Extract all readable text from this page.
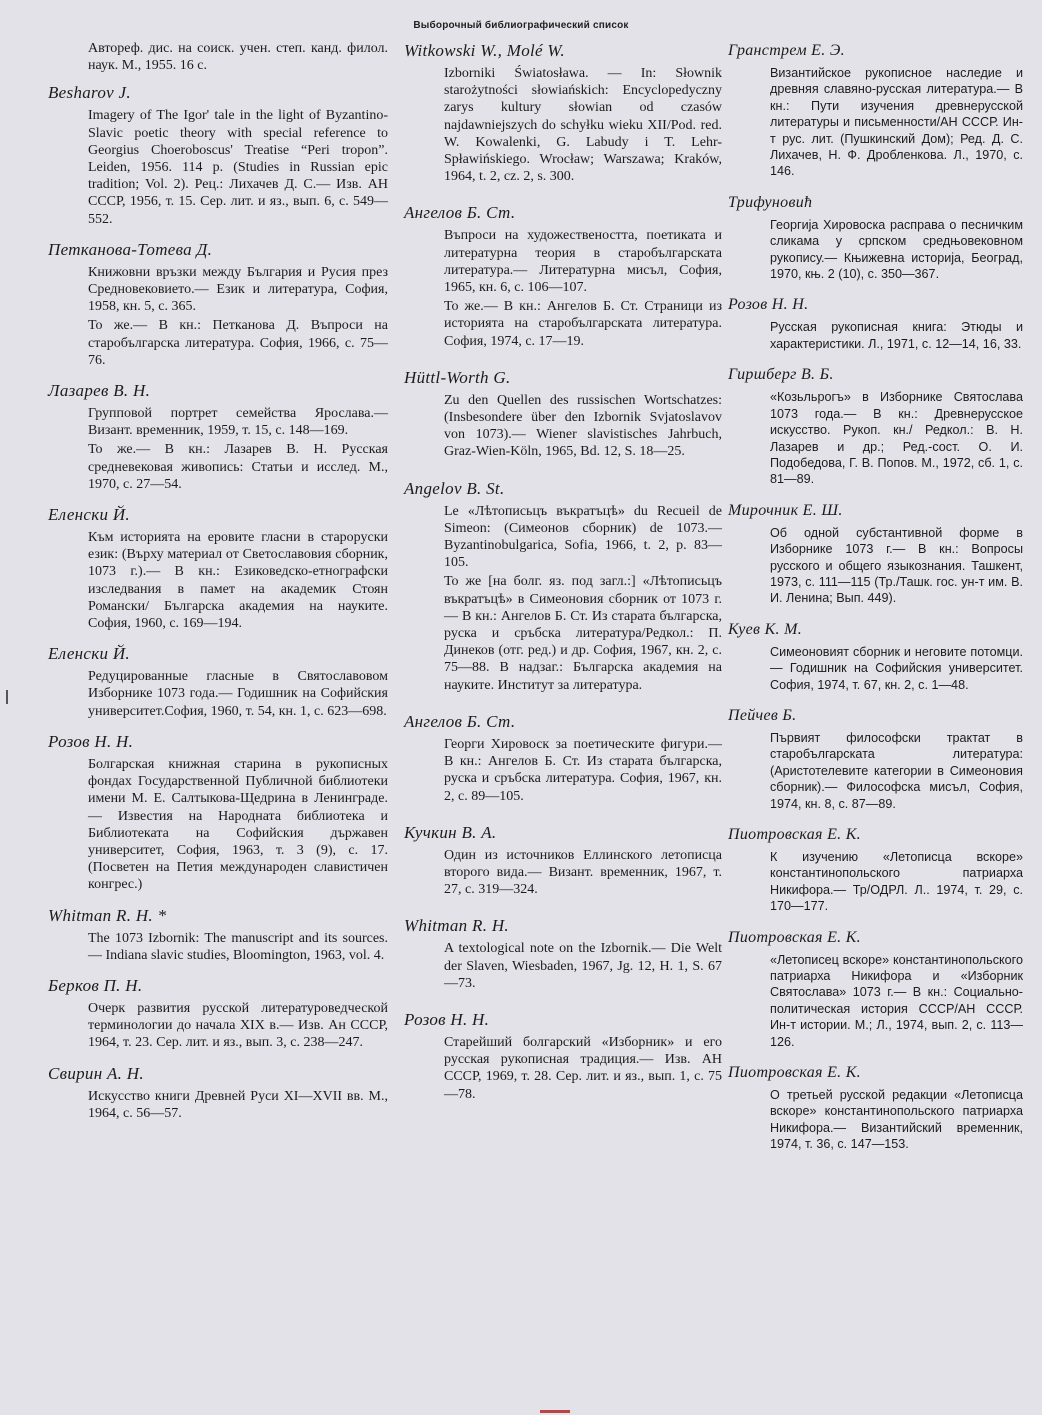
Выборочный библиографический список

Автореф. дис. на соиск. учен. степ. канд. филол. наук. М., 1955. 16 с.

Besharov J.

Imagery of The Igor' tale in the light of Byzantino-Slavic poetic theory with special reference to Georgius Choeroboscus' Treatise “Peri tropon”. Leiden, 1956. 114 p. (Studies in Russian epic tradition; Vol. 2). Рец.: Лихачев Д. С.— Изв. АН СССР, 1956, т. 15. Сер. лит. и яз., вып. 6, с. 549—552.

Петканова-Тотева Д.

Книжовни връзки между България и Русия през Средновековието.— Език и литература, София, 1958, кн. 5, с. 365.

То же.— В кн.: Петканова Д. Въпроси на старобългарска литература. София, 1966, с. 75—76.

Лазарев В. Н.

Групповой портрет семейства Ярослава.— Визант. временник, 1959, т. 15, с. 148—169.

То же.— В кн.: Лазарев В. Н. Русская средневековая живопись: Статьи и исслед. М., 1970, с. 27—54.

Еленски Й.

Към историята на еровите гласни в староруски език: (Върху материал от Светославовия сборник, 1073 г.).— В кн.: Езиковедско-етнографски изследвания в памет на академик Стоян Романски/ Българска академия на науките. София, 1960, с. 169—194.

Еленски Й.

Редуцированные гласные в Святославовом Изборнике 1073 года.— Годишник на Софийския университет.София, 1960, т. 54, кн. 1, с. 623—698.

Розов Н. Н.

Болгарская книжная старина в рукописных фондах Государственной Публичной библиотеки имени М. Е. Салтыкова-Щедрина в Ленинграде.— Известия на Народната библиотека и Библиотеката на Софийския държавен университет, София, 1963, т. 3 (9), с. 17. (Посветен на Петия международен славистичен конгрес.)

Whitman R. H. *

The 1073 Izbornik: The manuscript and its sources.— Indiana slavic studies, Bloomington, 1963, vol. 4.

Берков П. Н.

Очерк развития русской литературоведческой терминологии до начала XIX в.— Изв. Ан СССР, 1964, т. 23. Сер. лит. и яз., вып. 3, с. 238—247.

Свирин А. Н.

Искусство книги Древней Руси XI—XVII вв. М., 1964, с. 56—57.

Witkowski W., Molé W.

Izborniki Światosława. — In: Słownik starożytności słowiańskich: Encyclopedyczny zarys kultury słowian od czasów najdawniejszych do schyłku wieku XII/Pod. red. W. Kowalenki, G. Labudy i T. Lehr-Spławińskiego. Wrocław; Warszawa; Kraków, 1964, t. 2, cz. 2, s. 300.

Ангелов Б. Ст.

Въпроси на художествеността, поетиката и литературна теория в старобългарската литература.— Литературна мисъл, София, 1965, кн. 6, с. 106—107.

То же.— В кн.: Ангелов Б. Ст. Страници из историята на старобългарската литература. София, 1974, с. 17—19.

Hüttl-Worth G.

Zu den Quellen des russischen Wortschatzes: (Insbesondere über den Izbornik Svjatoslavov von 1073).— Wiener slavistisches Jahrbuch, Graz-Wien-Köln, 1965, Bd. 12, S. 18—25.

Angelov B. St.

Le «Лѣтописьцъ въкратъцѣ» du Recueil de Simeon: (Симеонов сборник) de 1073.— Byzantinobulgarica, Sofia, 1966, t. 2, p. 83—105.

То же [на болг. яз. под загл.:] «Лѣтописьцъ въкратъцѣ» в Симеоновия сборник от 1073 г.— В кн.: Ангелов Б. Ст. Из старата българска, руска и сръбска литература/Редкол.: П. Динеков (отг. ред.) и др. София, 1967, кн. 2, с. 75—88. В надзаг.: Българска академия на науките. Институт за литература.

Ангелов Б. Ст.

Георги Хировоск за поетическите фигури.— В кн.: Ангелов Б. Ст. Из старата българска, руска и сръбска литература. София, 1967, кн. 2, с. 89—105.

Кучкин В. А.

Один из источников Еллинского летописца второго вида.— Визант. временник, 1967, т. 27, с. 319—324.

Whitman R. H.

A textological note on the Izbornik.— Die Welt der Slaven, Wiesbaden, 1967, Jg. 12, H. 1, S. 67—73.

Розов Н. Н.

Старейший болгарский «Изборник» и его русская рукописная традиция.— Изв. АН СССР, 1969, т. 28. Сер. лит. и яз., вып. 1, с. 75—78.

Гранстрем Е. Э.

Византийское рукописное наследие и древняя славяно-русская литература.— В кн.: Пути изучения древнерусской литературы и письменности/АН СССР. Ин-т рус. лит. (Пушкинский Дом); Ред. Д. С. Лихачев, Н. Ф. Дробленкова. Л., 1970, с. 146.

Трифуновић

Георгија Хировоска расправа о песничким сликама у српском средњовековном рукопису.— Књижевна историја, Београд, 1970, књ. 2 (10), с. 350—367.

Розов Н. Н.

Русская рукописная книга: Этюды и характеристики. Л., 1971, с. 12—14, 16, 33.

Гиршберг В. Б.

«Козьльрогъ» в Изборнике Святослава 1073 года.— В кн.: Древнерусское искусство. Рукоп. кн./ Редкол.: В. Н. Лазарев и др.; Ред.-сост. О. И. Подобедова, Г. В. Попов. М., 1972, сб. 1, с. 81—89.

Мирочник Е. Ш.

Об одной субстантивной форме в Изборнике 1073 г.— В кн.: Вопросы русского и общего языкознания. Ташкент, 1973, с. 111—115 (Тр./Ташк. гос. ун-т им. В. И. Ленина; Вып. 449).

Куев К. М.

Симеоновият сборник и неговите потомци.— Годишник на Софийския университет. София, 1974, т. 67, кн. 2, с. 1—48.

Пейчев Б.

Първият философски трактат в старобългарската литература: (Аристотелевите категории в Симеоновия сборник).— Философска мисъл, София, 1974, кн. 8, с. 87—89.

Пиотровская Е. К.

К изучению «Летописца вскоре» константинопольского патриарха Никифора.— Тр/ОДРЛ. Л.. 1974, т. 29, с. 170—177.

Пиотровская Е. К.

«Летописец вскоре» константинопольского патриарха Никифора и «Изборник Святослава» 1073 г.— В кн.: Социально-политическая история СССР/АН СССР. Ин-т истории. М.; Л., 1974, вып. 2, с. 113—126.

Пиотровская Е. К.

О третьей русской редакции «Летописца вскоре» константинопольского патриарха Никифора.— Византийский временник, 1974, т. 36, с. 147—153.
